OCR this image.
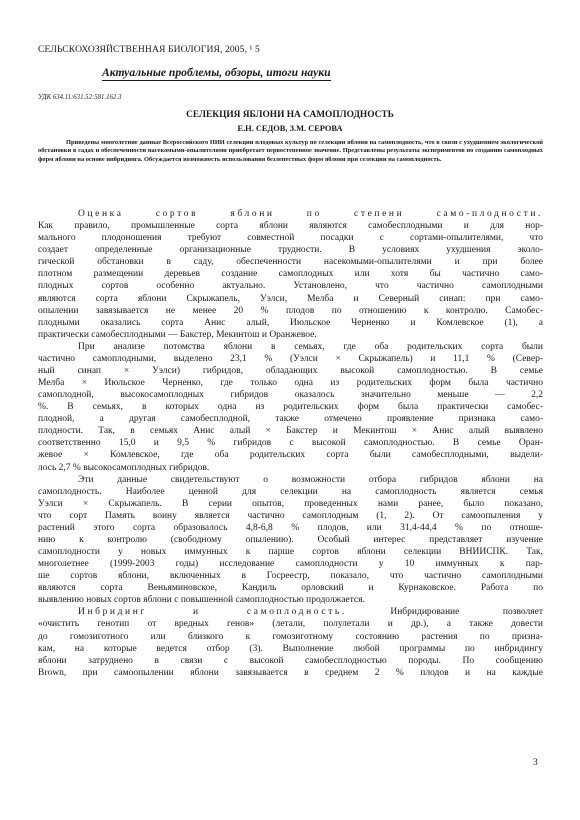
СЕЛЬСКОХОЗЯЙСТВЕННАЯ БИОЛОГИЯ, 2005, ¹ 5
Актуальные проблемы, обзоры, итоги науки
УДК 634.11:631.52:581.162.3
СЕЛЕКЦИЯ ЯБЛОНИ НА САМОПЛОДНОСТЬ
Е.Н. СЕДОВ, З.М. СЕРОВА

Приведены многолетние данные Всероссийского НИИ селекции плодовых культур по селекции яблони на самоплодность, что в связи с ухудшением экологической обстановки в садах и обеспеченности насекомыми-опылителями приобретает первостепенное значение. Представлены результаты экспериментов по созданию самоплодных форм яблони на основе инбридинга. Обсуждается возможность использования безлепестных форм яблони при селекции на самоплодность.

Оценка сортов яблони по степени само-плодности.
Как правило, промышленные сорта яблони являются самобесплодными и для нор-
мального плодоношения требуют совместной посадки с сортами-опылителями, что
создает определенные организационные трудности. В условиях ухудшения эколо-
гической обстановки в саду, обеспеченности насекомыми-опылителями и при более
плотном размещении деревьев создание самоплодных или хотя бы частично само-
плодных сортов особенно актуально. Установлено, что частично самоплодными
являются сорта яблони Скрыжапель, Уэлси, Мелба и Северный синап: при само-
опылении завязывается не менее 20 % плодов по отношению к контролю. Самобес-
плодными оказались сорта Анис алый, Июльское Черненко и Комлевское (1), а
практически самобесплодными — Бакстер, Мекинтош и Оранжевое.
При анализе потомства яблони в семьях, где оба родительских сорта были
частично самоплодными, выделено 23,1 % (Уэлси × Скрыжапель) и 11,1 % (Север-
ный синап × Уэлси) гибридов, обладающих высокой самоплодностью. В семье
Мелба × Июльское Черненко, где только одна из родительских форм была частично
самоплодной, высокосамоплодных гибридов оказалось значительно меньше — 2,2
%. В семьях, в которых одна из родительских форм была практически самобес-
плодной, а другая самобесплодной, также отмечено проявление признака само-
плодности. Так, в семьях Анис алый × Бакстер и Мекинтош × Анис алый выявлено
соответственно 15,0 и 9,5 % гибридов с высокой самоплодностью. В семье Оран-
жевое × Комлевское, где оба родительских сорта были самобесплодными, выдели-
лось 2,7 % высокосамоплодных гибридов.
Эти данные свидетельствуют о возможности отбора гибридов яблони на
самоплодность. Наиболее ценной для селекции на самоплодность является семья
Уэлси × Скрыжапель. В серии опытов, проведенных нами ранее, было показано,
что сорт Память воину является частично самоплодным (1, 2). От самоопыления у
растений этого сорта образовалось 4,8-6,8 % плодов, или 31,4-44,4 % по отноше-
нию к контролю (свободному опылению). Особый интерес представляет изучение
самоплодности у новых иммунных к парше сортов яблони селекции ВНИИСПК. Так,
многолетнее (1999-2003 годы) исследование самоплодности у 10 иммунных к пар-
ше сортов яблони, включенных в Госреестр, показало, что частично самоплодными
являются сорта Веньяминовское, Кандиль орловский и Курнаковское. Работа по
выявлению новых сортов яблони с повышенной самоплодностью продолжается.
Инбридинг и самоплодность. Инбридирование позволяет
«очистить генотип от вредных генов» (летали, полулетали и др.), а также довести
до гомозиготного или близкого к гомозиготному состоянию растения по признa-
кам, на которые ведется отбор (3). Выполнение любой программы по инбридингу
яблони затруднено в связи с высокой самобесплодностью породы. По сообщению
Brown, при самоопылении яблони завязывается в среднем 2 % плодов и на каждые
3
